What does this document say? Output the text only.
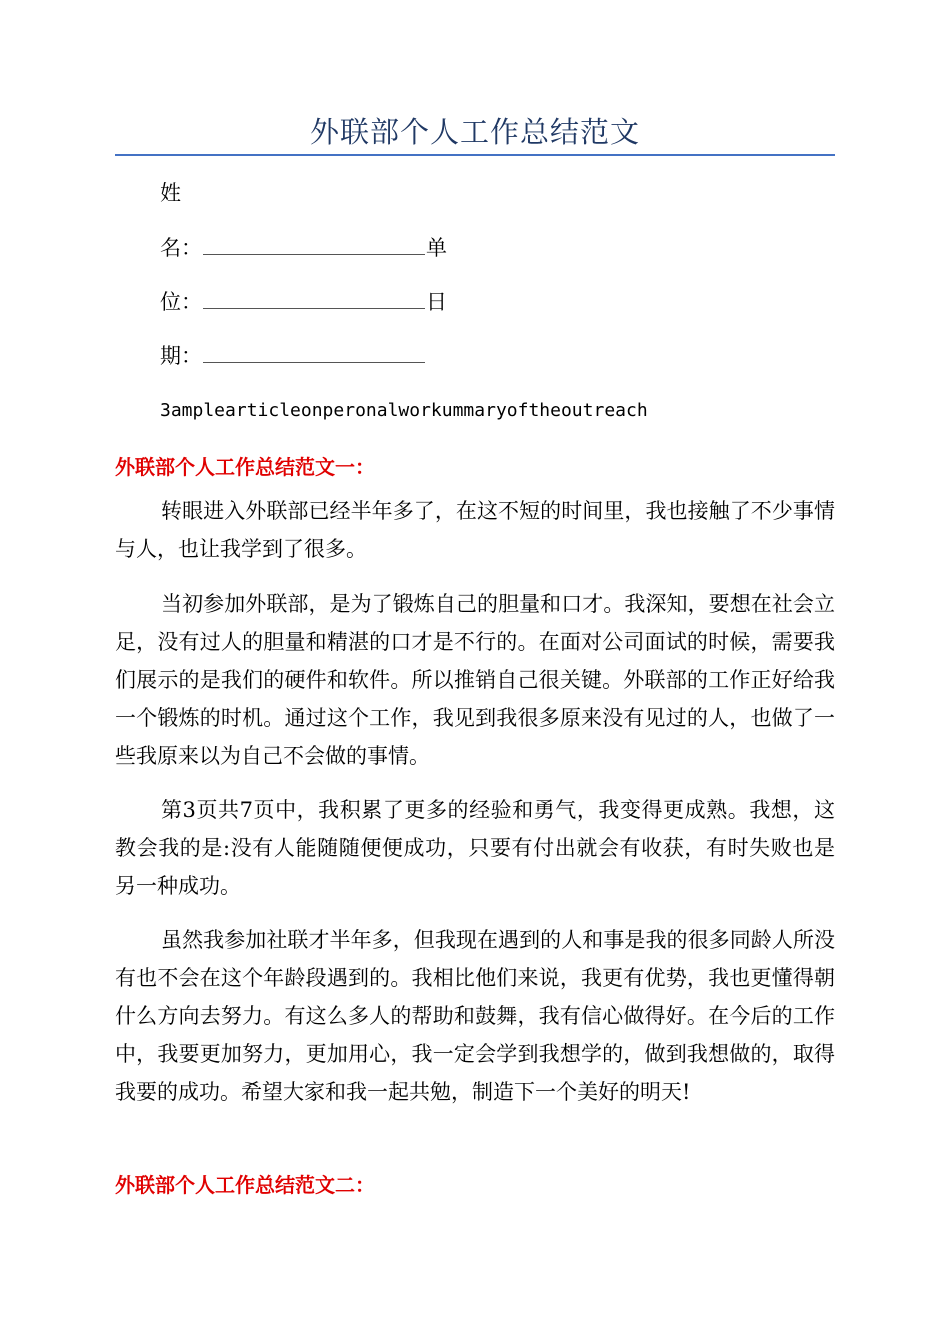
外联部个人工作总结范文
姓
名：	单
位：	日
期：
3amplearticleonperonalworkummaryoftheoutreach
外联部个人工作总结范文一：
转眼进入外联部已经半年多了，在这不短的时间里，我也接触了不少事情与人，也让我学到了很多。
当初参加外联部，是为了锻炼自己的胆量和口才。我深知，要想在社会立足，没有过人的胆量和精湛的口才是不行的。在面对公司面试的时候，需要我们展示的是我们的硬件和软件。所以推销自己很关键。外联部的工作正好给我一个锻炼的时机。通过这个工作，我见到我很多原来没有见过的人，也做了一些我原来以为自己不会做的事情。
第3页共7页中，我积累了更多的经验和勇气，我变得更成熟。我想，这教会我的是:没有人能随随便便成功，只要有付出就会有收获，有时失败也是另一种成功。
虽然我参加社联才半年多，但我现在遇到的人和事是我的很多同龄人所没有也不会在这个年龄段遇到的。我相比他们来说，我更有优势，我也更懂得朝什么方向去努力。有这么多人的帮助和鼓舞，我有信心做得好。在今后的工作中，我要更加努力，更加用心，我一定会学到我想学的，做到我想做的，取得我要的成功。希望大家和我一起共勉，制造下一个美好的明天!
外联部个人工作总结范文二：
